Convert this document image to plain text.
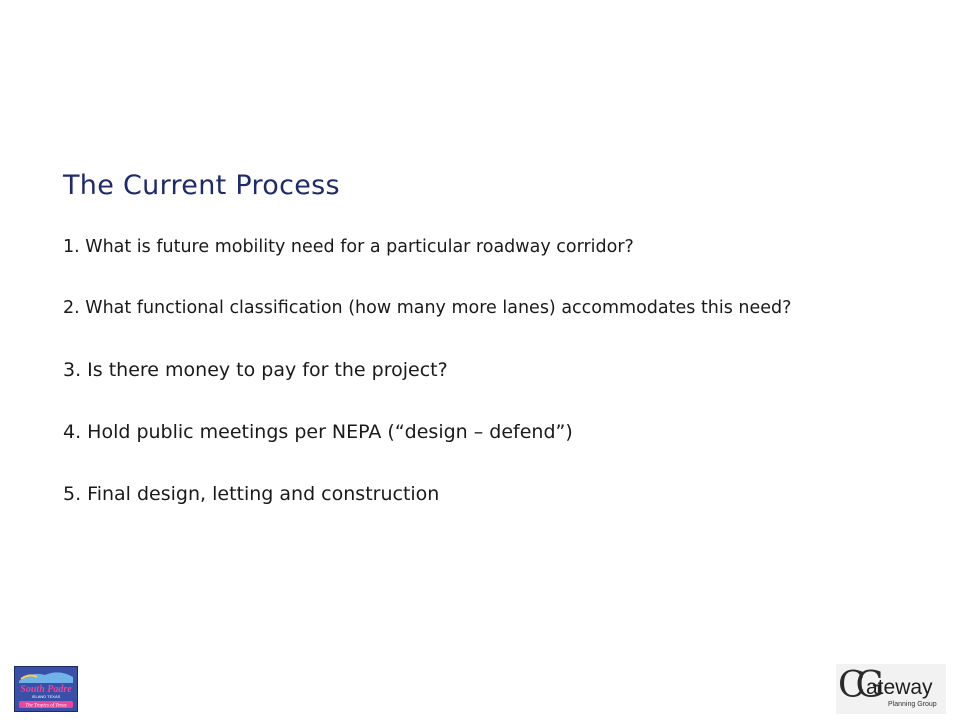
The Current Process
1. What is future mobility need for a particular roadway corridor?
2. What functional classification (how many more lanes) accommodates this need?
3. Is there money to pay for the project?
4. Hold public meetings per NEPA (“design – defend”)
5. Final design, letting and construction
South Padre
ISLAND TEXAS
The Tropics of Texas	CG
ateway
Planning Group
